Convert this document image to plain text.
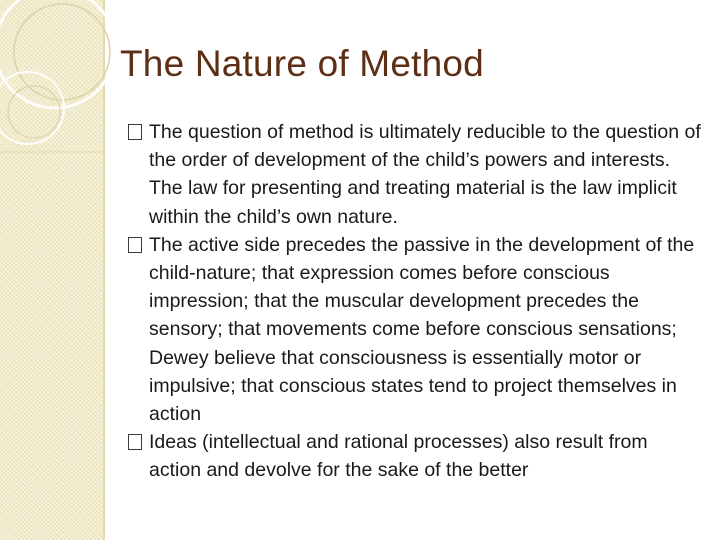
The Nature of Method
The question of method is ultimately reducible to the question of the order of development of the child’s powers and interests. The law for presenting and treating material is the law implicit within the child’s own nature.
The active side precedes the passive in the development of the child-nature; that expression comes before conscious impression; that the muscular development precedes the sensory; that movements come before conscious sensations; Dewey believe that consciousness is essentially motor or impulsive; that conscious states tend to project themselves in action
Ideas (intellectual and rational processes) also result from action and devolve for the sake of the better
